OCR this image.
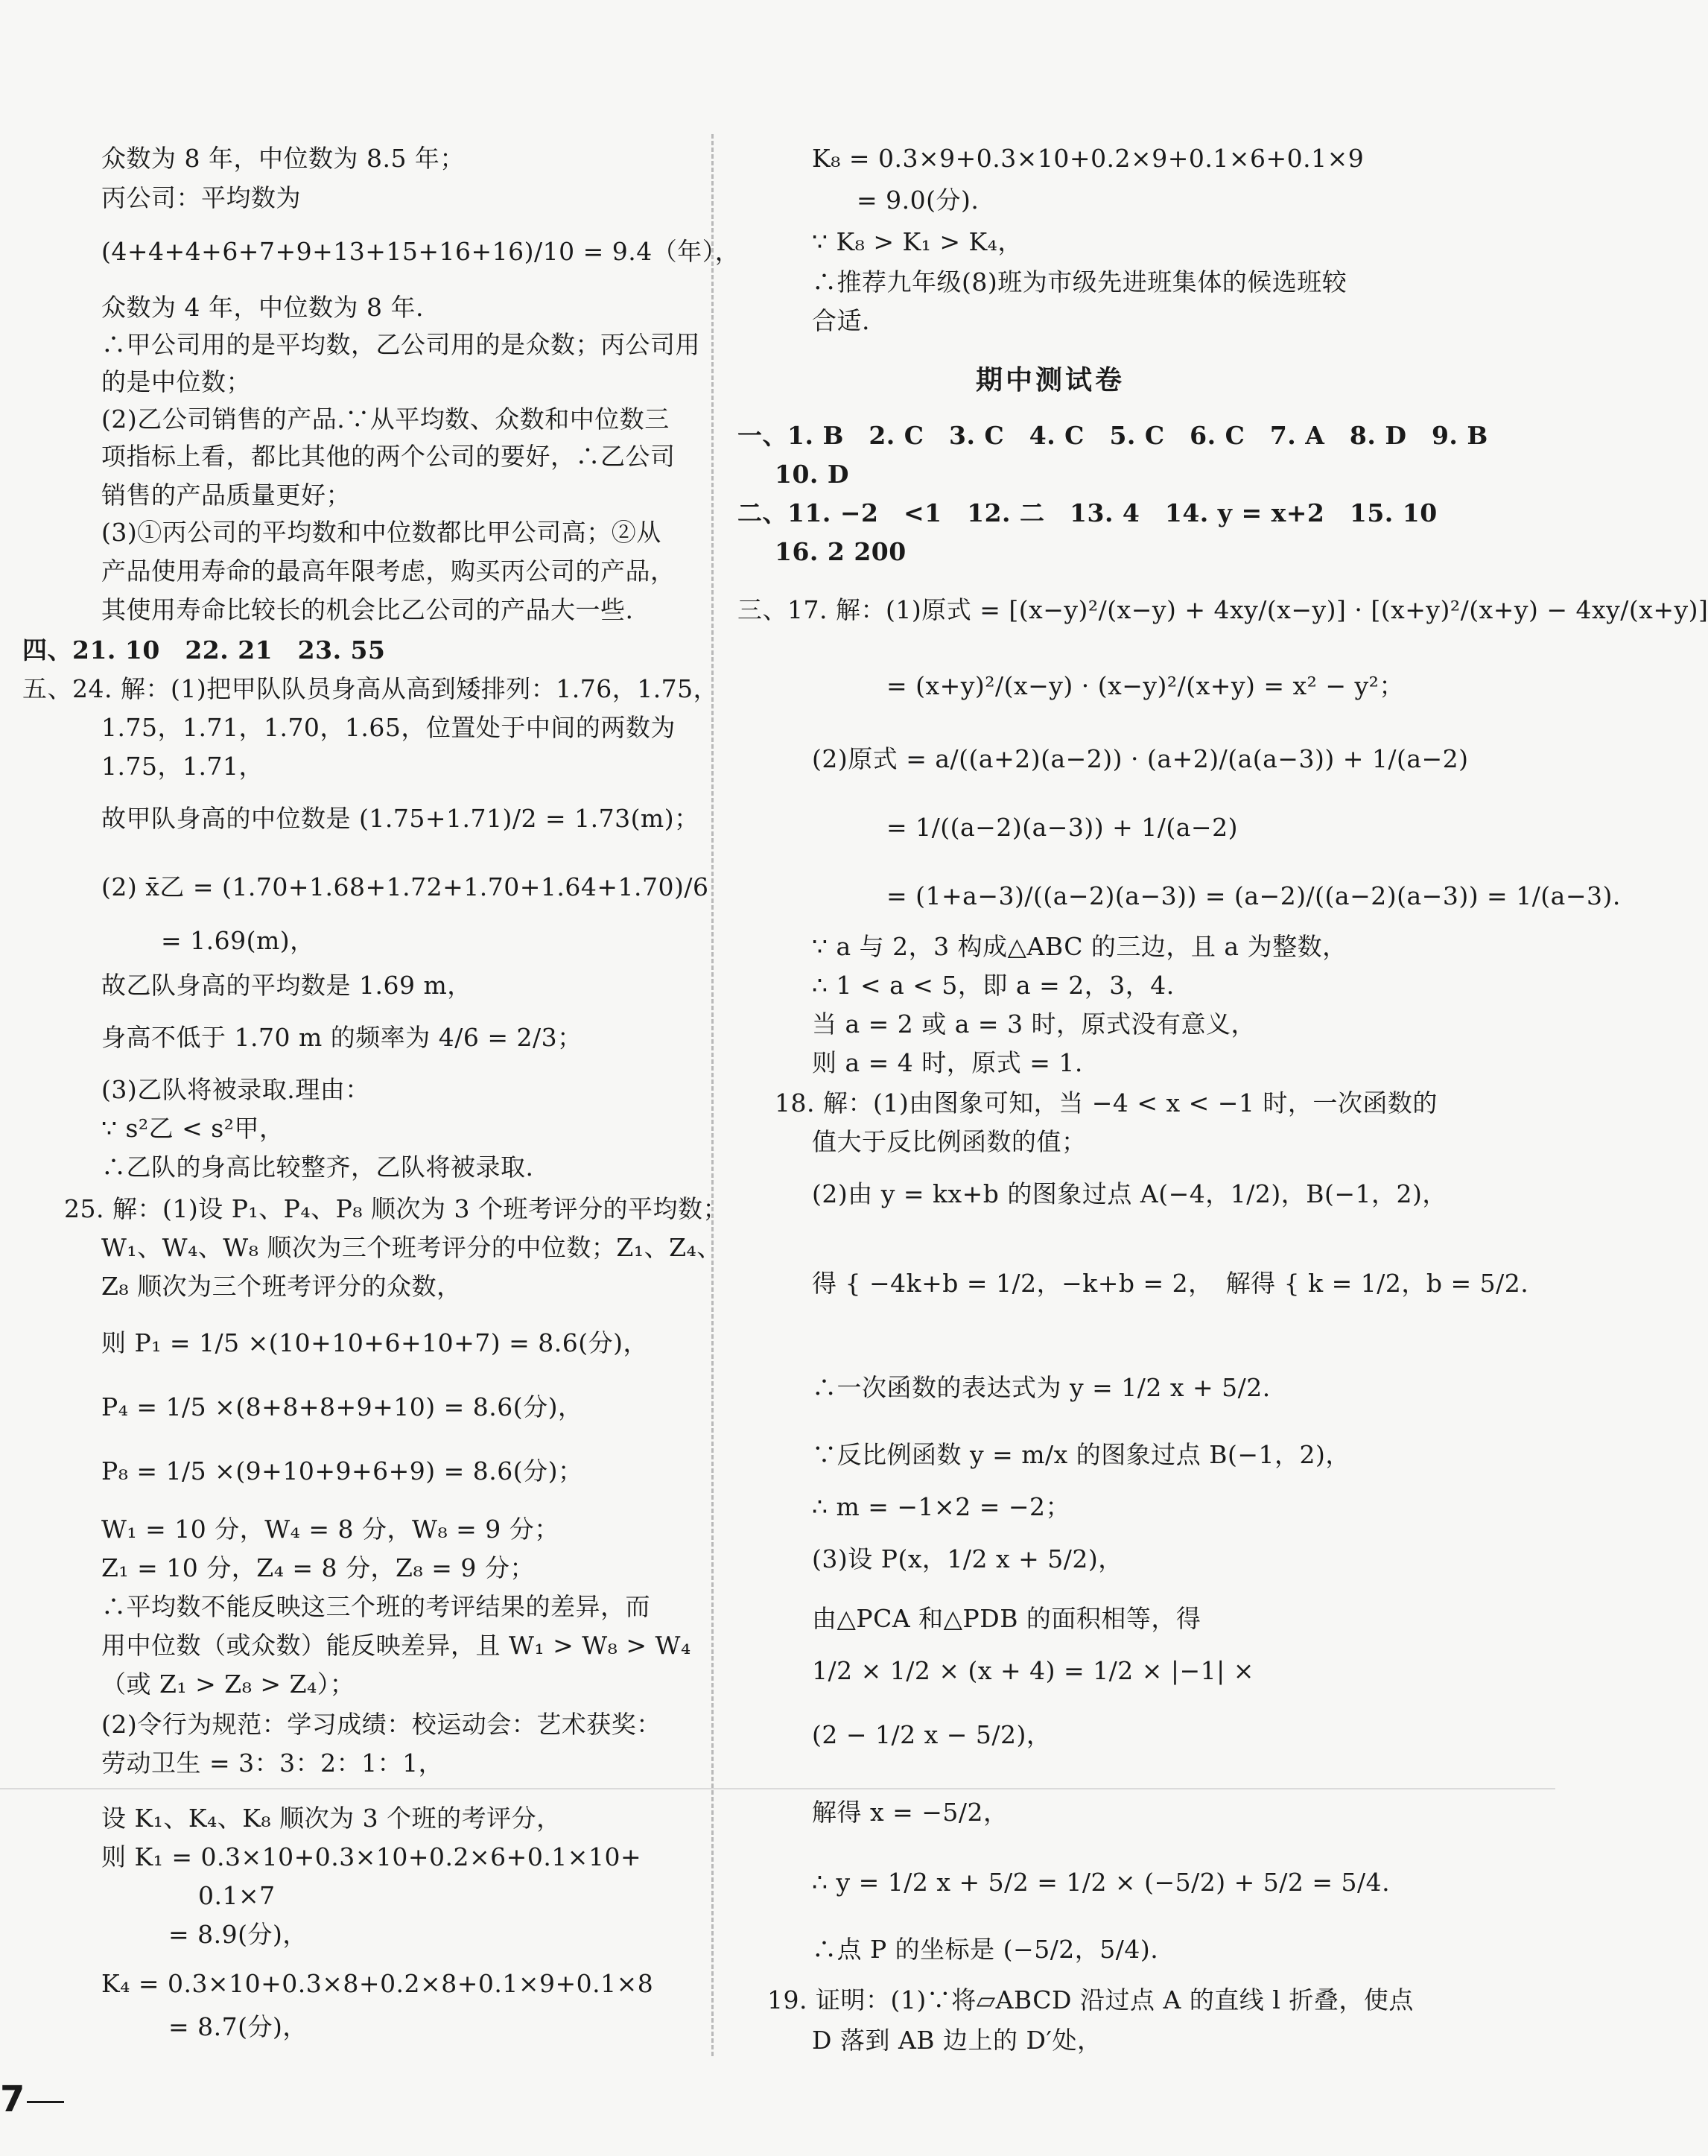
众数为 8 年，中位数为 8.5 年；
丙公司：平均数为
(4+4+4+6+7+9+13+15+16+16)/10 = 9.4（年），
众数为 4 年，中位数为 8 年.
∴甲公司用的是平均数，乙公司用的是众数；丙公司用
的是中位数；
(2)乙公司销售的产品.∵从平均数、众数和中位数三
项指标上看，都比其他的两个公司的要好，∴乙公司
销售的产品质量更好；
(3)①丙公司的平均数和中位数都比甲公司高；②从
产品使用寿命的最高年限考虑，购买丙公司的产品，
其使用寿命比较长的机会比乙公司的产品大一些.
四、21. 10　22. 21　23. 55
五、24. 解：(1)把甲队队员身高从高到矮排列：1.76，1.75，
1.75，1.71，1.70，1.65，位置处于中间的两数为
1.75，1.71，
故甲队身高的中位数是 (1.75+1.71)/2 = 1.73(m)；
(2) x̄乙 = (1.70+1.68+1.72+1.70+1.64+1.70)/6
= 1.69(m)，
故乙队身高的平均数是 1.69 m，
身高不低于 1.70 m 的频率为 4/6 = 2/3；
(3)乙队将被录取.理由：
∵ s²乙 < s²甲，
∴乙队的身高比较整齐，乙队将被录取.
25. 解：(1)设 P₁、P₄、P₈ 顺次为 3 个班考评分的平均数；
W₁、W₄、W₈ 顺次为三个班考评分的中位数；Z₁、Z₄、
Z₈ 顺次为三个班考评分的众数，
则 P₁ = 1/5 ×(10+10+6+10+7) = 8.6(分)，
P₄ = 1/5 ×(8+8+8+9+10) = 8.6(分)，
P₈ = 1/5 ×(9+10+9+6+9) = 8.6(分)；
W₁ = 10 分，W₄ = 8 分，W₈ = 9 分；
Z₁ = 10 分，Z₄ = 8 分，Z₈ = 9 分；
∴平均数不能反映这三个班的考评结果的差异，而
用中位数（或众数）能反映差异，且 W₁ > W₈ > W₄
（或 Z₁ > Z₈ > Z₄）；
(2)令行为规范：学习成绩：校运动会：艺术获奖：
劳动卫生 = 3：3：2：1：1，
设 K₁、K₄、K₈ 顺次为 3 个班的考评分，
则 K₁ = 0.3×10+0.3×10+0.2×6+0.1×10+
0.1×7
= 8.9(分)，
K₄ = 0.3×10+0.3×8+0.2×8+0.1×9+0.1×8
= 8.7(分)，
K₈ = 0.3×9+0.3×10+0.2×9+0.1×6+0.1×9
= 9.0(分).
∵ K₈ > K₁ > K₄，
∴推荐九年级(8)班为市级先进班集体的候选班较
合适.
期中测试卷
一、1. B　2. C　3. C　4. C　5. C　6. C　7. A　8. D　9. B
10. D
二、11. −2　<1　12. 二　13. 4　14. y = x+2　15. 10
16. 2 200
三、17. 解：(1)原式 = [(x−y)²/(x−y) + 4xy/(x−y)] · [(x+y)²/(x+y) − 4xy/(x+y)]
= (x+y)²/(x−y) · (x−y)²/(x+y) = x² − y²；
(2)原式 = a/((a+2)(a−2)) · (a+2)/(a(a−3)) + 1/(a−2)
= 1/((a−2)(a−3)) + 1/(a−2)
= (1+a−3)/((a−2)(a−3)) = (a−2)/((a−2)(a−3)) = 1/(a−3).
∵ a 与 2，3 构成△ABC 的三边，且 a 为整数，
∴ 1 < a < 5，即 a = 2，3，4.
当 a = 2 或 a = 3 时，原式没有意义，
则 a = 4 时，原式 = 1.
18. 解：(1)由图象可知，当 −4 < x < −1 时，一次函数的
值大于反比例函数的值；
(2)由 y = kx+b 的图象过点 A(−4，1/2)，B(−1，2)，
得 { −4k+b = 1/2，−k+b = 2，　解得 { k = 1/2，b = 5/2.
∴一次函数的表达式为 y = 1/2 x + 5/2.
∵反比例函数 y = m/x 的图象过点 B(−1，2)，
∴ m = −1×2 = −2；
(3)设 P(x，1/2 x + 5/2)，
由△PCA 和△PDB 的面积相等，得
1/2 × 1/2 × (x + 4) = 1/2 × |−1| ×
(2 − 1/2 x − 5/2)，
解得 x = −5/2，
∴ y = 1/2 x + 5/2 = 1/2 × (−5/2) + 5/2 = 5/4.
∴点 P 的坐标是 (−5/2，5/4).
19. 证明：(1)∵将▱ABCD 沿过点 A 的直线 l 折叠，使点
D 落到 AB 边上的 D′处，
7
